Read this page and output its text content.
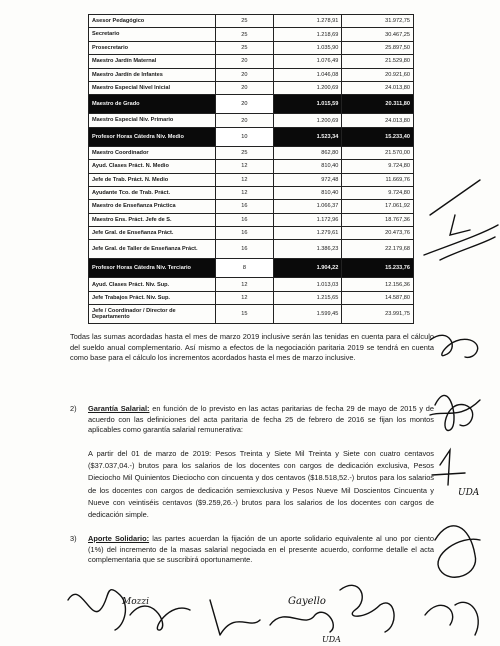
Asesor Pedagógico	25	1.278,91	31.972,75
Secretario	25	1.218,69	30.467,25
Prosecretario	25	1.035,90	25.897,50
Maestro Jardín Maternal	20	1.076,49	21.529,80
Maestro Jardín de Infantes	20	1.046,08	20.921,60
Maestro Especial Nivel Inicial	20	1.200,69	24.013,80
Maestro de Grado	20	1.015,59	20.311,80
Maestro Especial Niv. Primario	20	1.200,69	24.013,80
Profesor Horas Cátedra Niv. Medio	10	1.523,34	15.233,40
Maestro Coordinador	25	862,80	21.570,00
Ayud. Clases Práct. N. Medio	12	810,40	9.724,80
Jefe de Trab. Práct. N. Medio	12	972,48	11.669,76
Ayudante Tco. de Trab. Práct.	12	810,40	9.724,80
Maestro de Enseñanza Práctica	16	1.066,37	17.061,92
Maestro Ens. Práct. Jefe de S.	16	1.172,96	18.767,36
Jefe Gral. de Enseñanza Práct.	16	1.279,61	20.473,76
Jefe Gral. de Taller de Enseñanza Práct.	16	1.386,23	22.179,68
Profesor Horas Cátedra Niv. Terciario	8	1.904,22	15.233,76
Ayud. Clases Práct. Niv. Sup.	12	1.013,03	12.156,36
Jefe Trabajos Práct. Niv. Sup.	12	1.215,65	14.587,80
Jefe / Coordinador / Director de Departamento	15	1.599,45	23.991,75
Todas las sumas acordadas hasta el mes de marzo 2019 inclusive serán las tenidas en cuenta para el cálculo del sueldo anual complementario. Así mismo a efectos de la negociación paritaria 2019 se tendrá en cuenta como base para el cálculo los incrementos acordados hasta el mes de marzo inclusive.
2) Garantía Salarial: en función de lo previsto en las actas paritarias de fecha 29 de mayo de 2015 y de acuerdo con las definiciones del acta paritaria de fecha 25 de febrero de 2016 se fijan los montos aplicables como garantía salarial remunerativa:
A partir del 01 de marzo de 2019: Pesos Treinta y Siete Mil Treinta y Siete con cuatro centavos ($37.037,04.-) brutos para los salarios de los docentes con cargos de dedicación exclusiva, Pesos Dieciocho Mil Quinientos Dieciocho con cincuenta y dos centavos ($18.518,52.-) brutos para los salarios de los docentes con cargos de dedicación semiexclusiva y Pesos Nueve Mil Doscientos Cincuenta y Nueve con veintiséis centavos ($9.259,26.-) brutos para los salarios de los docentes con cargos de dedicación simple.
3) Aporte Solidario: las partes acuerdan la fijación de un aporte solidario equivalente al uno por ciento (1%) del incremento de la masas salarial negociada en el presente acuerdo, conforme detalle el acta complementaria que se suscribirá oportunamente.
UDA
Mozzi	Gayello
UDA
